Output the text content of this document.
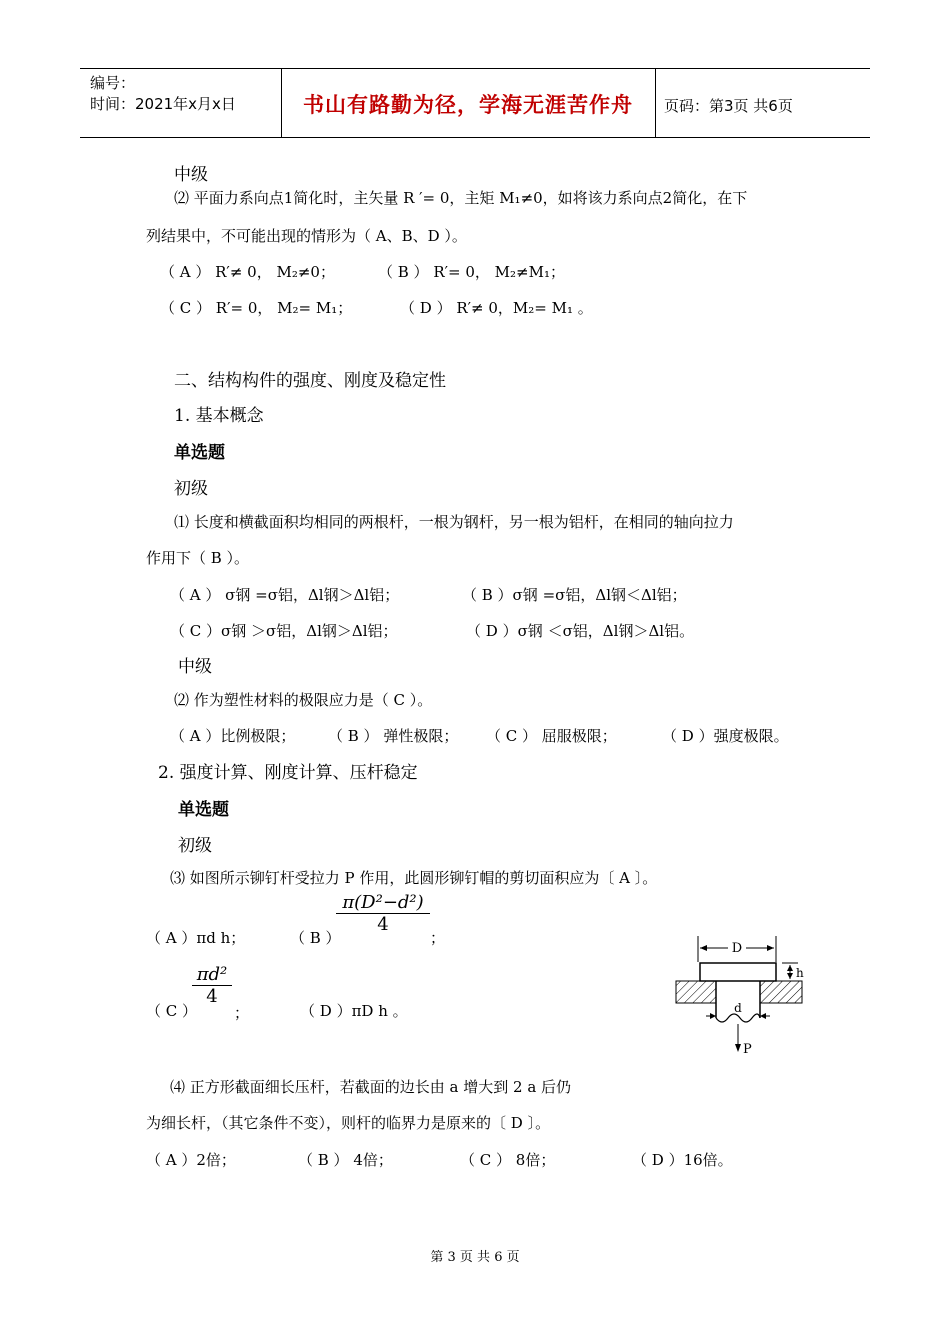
编号：
时间：2021年x月x日	书山有路勤为径，学海无涯苦作舟	页码：第3页 共6页
中级
⑵ 平面力系向点1简化时，主矢量 R ′= 0，主矩 M₁≠0，如将该力系向点2简化，在下
列结果中，不可能出现的情形为（ A、B、D ）。
（ A ） R′≠ 0， M₂≠0；	（ B ） R′= 0， M₂≠M₁；
（ C ） R′= 0， M₂= M₁；	（ D ） R′≠ 0，M₂= M₁ 。
二、结构构件的强度、刚度及稳定性
1. 基本概念
单选题
初级
⑴ 长度和横截面积均相同的两根杆，一根为钢杆，另一根为铝杆，在相同的轴向拉力
作用下（ B ）。
（ A ） σ钢 =σ铝，Δl钢＞Δl铝；	（ B ）σ钢 =σ铝，Δl钢＜Δl铝；
（ C ）σ钢 ＞σ铝，Δl钢＞Δl铝；	（ D ）σ钢 ＜σ铝，Δl钢＞Δl铝。
中级
⑵ 作为塑性材料的极限应力是（ C ）。
（ A ）比例极限； （ B ） 弹性极限； （ C ） 屈服极限；	（ D ）强度极限。
2. 强度计算、刚度计算、压杆稳定
单选题
初级
⑶ 如图所示铆钉杆受拉力 P 作用，此圆形铆钉帽的剪切面积应为〔 A 〕。
（ A ）πd h；	（ B ）
π(D²−d²)
4
；
（ C ）
πd²
4
；	（ D ）πD h 。
D
h
d
P
⑷ 正方形截面细长压杆，若截面的边长由 a 增大到 2 a 后仍
为细长杆，（其它条件不变），则杆的临界力是原来的〔 D 〕。
（ A ）2倍；	（ B ） 4倍；	（ C ） 8倍；	（ D ）16倍。
第 3 页 共 6 页
